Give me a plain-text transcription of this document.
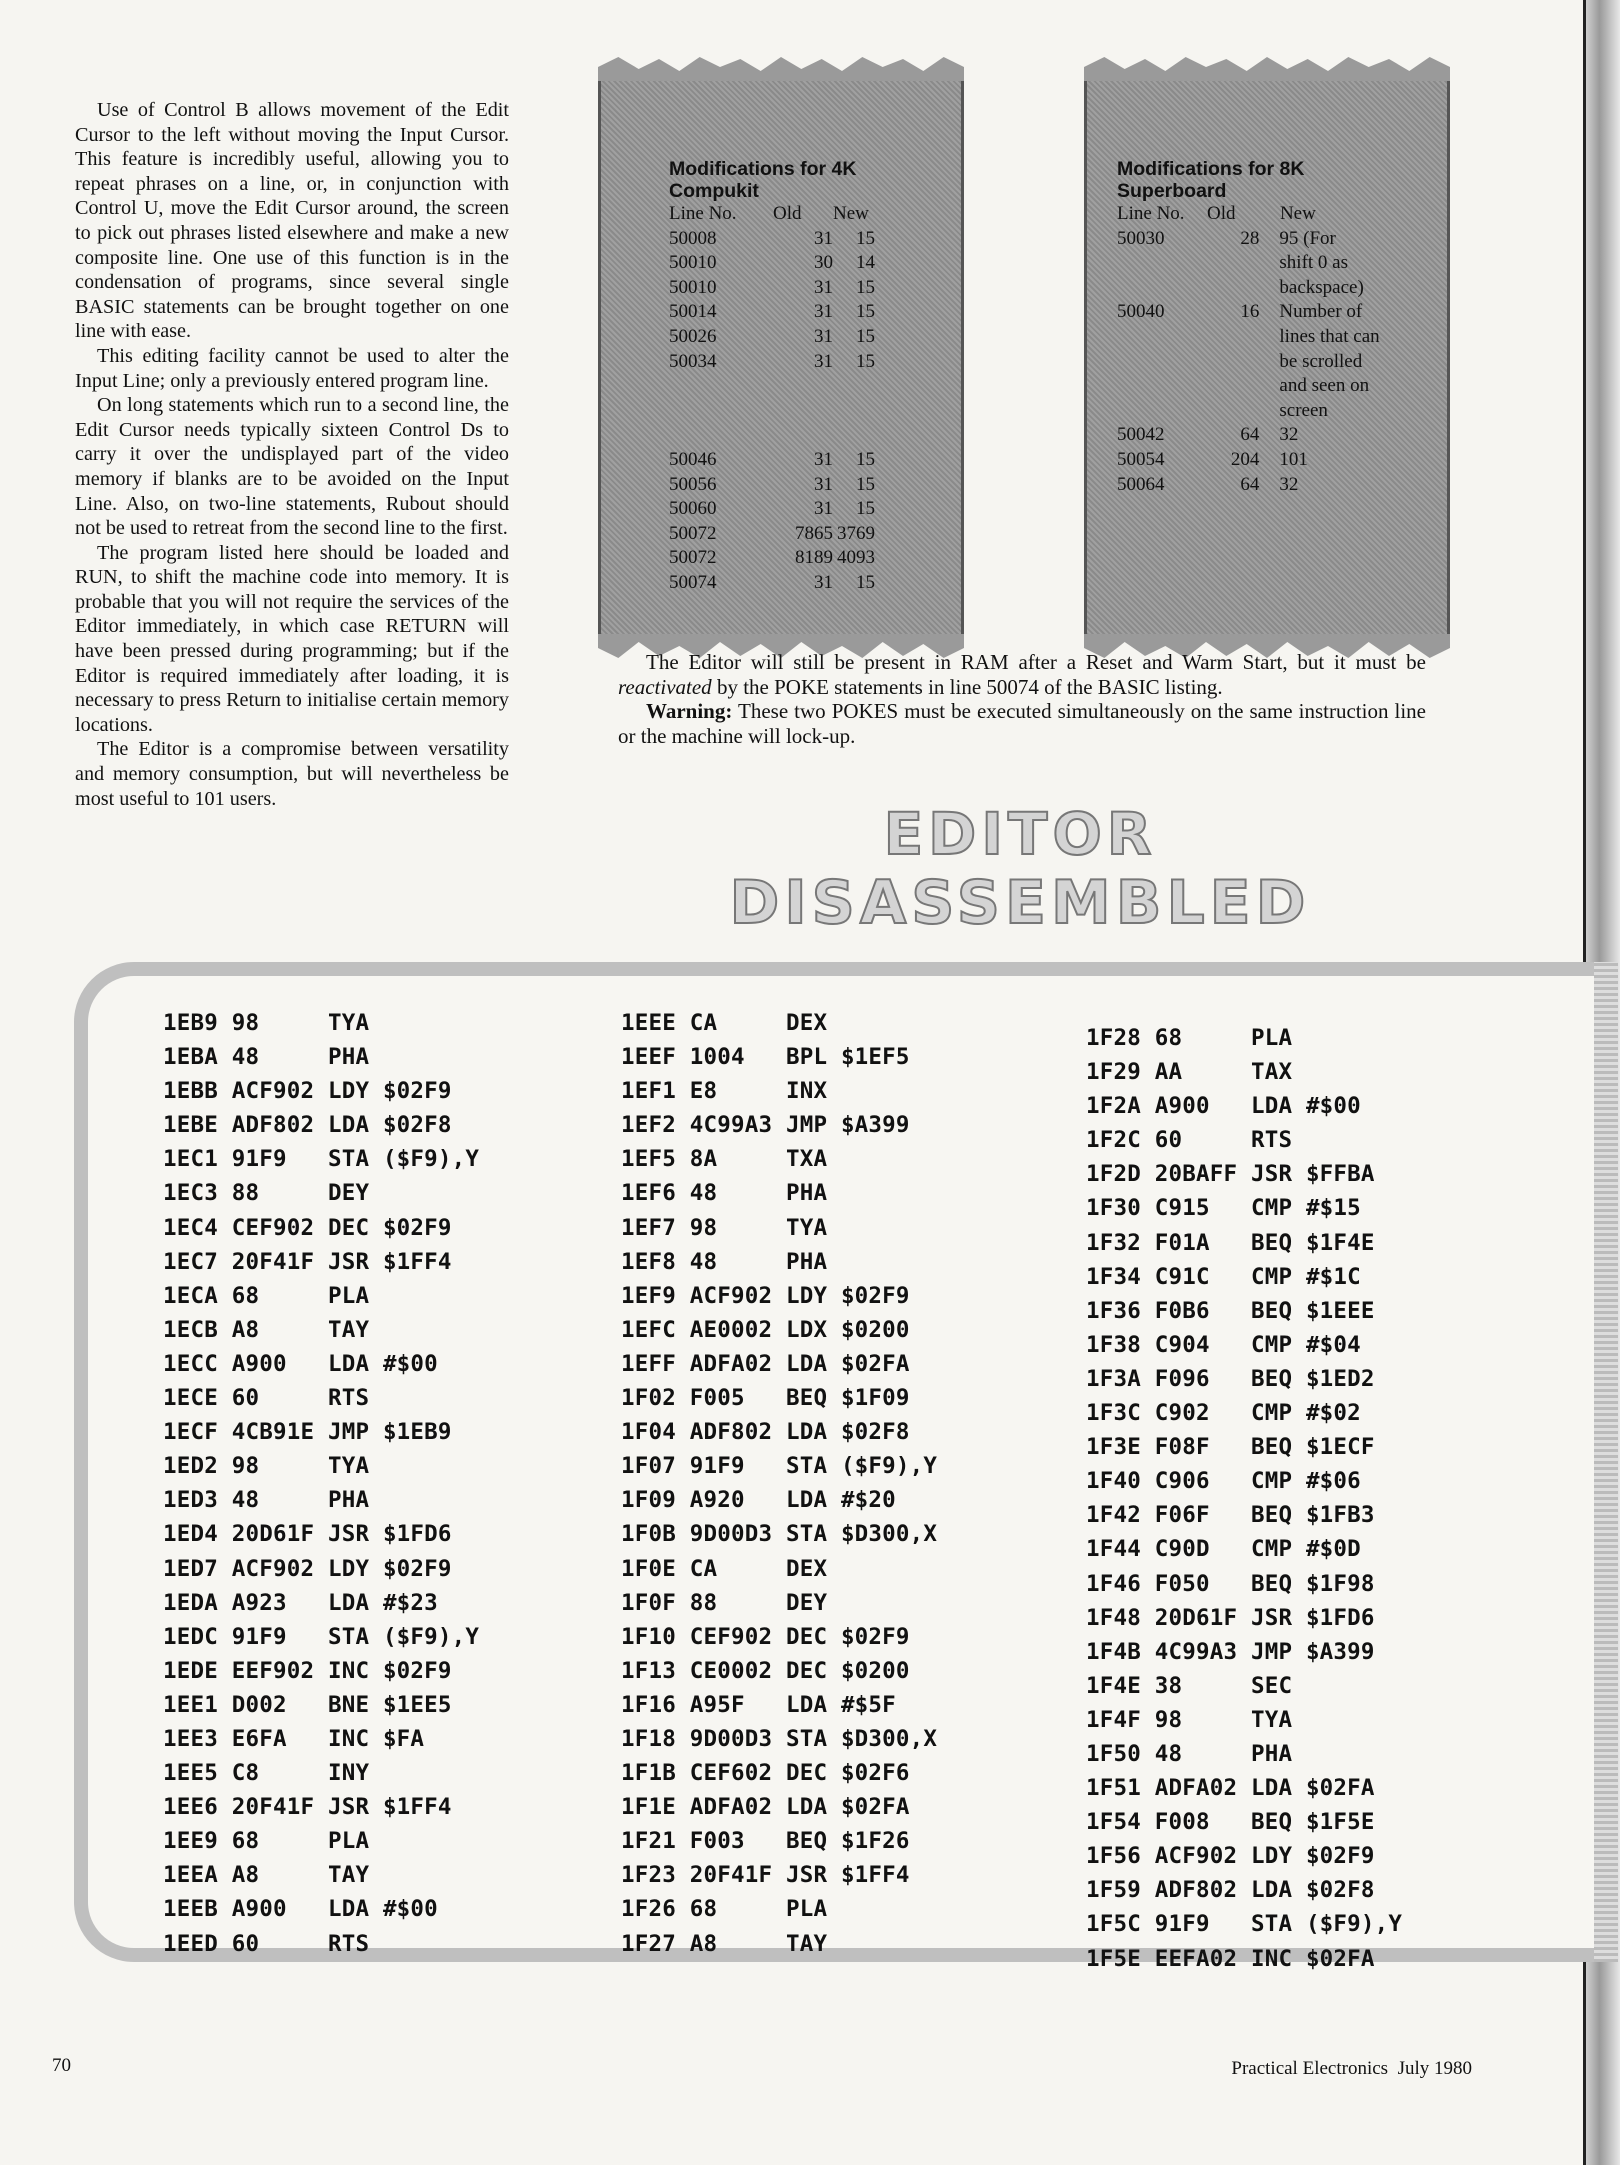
Use of Control B allows movement of the Edit Cursor to the left without moving the Input Cursor. This feature is incredibly useful, allowing you to repeat phrases on a line, or, in conjunction with Control U, move the Edit Cursor around, the screen to pick out phrases listed elsewhere and make a new composite line. One use of this function is in the condensation of programs, since several single BASIC statements can be brought together on one line with ease.

This editing facility cannot be used to alter the Input Line; only a previously entered program line.

On long statements which run to a second line, the Edit Cursor needs typically sixteen Control Ds to carry it over the undisplayed part of the video memory if blanks are to be avoided on the Input Line. Also, on two-line statements, Rubout should not be used to retreat from the second line to the first.

The program listed here should be loaded and RUN, to shift the machine code into memory. It is probable that you will not require the services of the Editor immediately, in which case RETURN will have been pressed during programming; but if the Editor is required immediately after loading, it is necessary to press Return to initialise certain memory locations.

The Editor is a compromise between versatility and memory consumption, but will nevertheless be most useful to 101 users.

Modifications for 4K
Compukit
Line No.	Old	New
50008	31	15
50010	30	14
50010	31	15
50014	31	15
50026	31	15
50034	31	15
50046	31	15
50056	31	15
50060	31	15
50072	7865 3769
50072	8189 4093
50074	31	15
Modifications for 8K
Superboard
Line No.	Old	New
50030	28	95 (For
shift 0 as
backspace)
50040	16	Number of
lines that can
be scrolled
and seen on
screen
50042	64	32
50054	204	101
50064	64	32

The Editor will still be present in RAM after a Reset and Warm Start, but it must be reactivated by the POKE statements in line 50074 of the BASIC listing.

Warning: These two POKES must be executed simultaneously on the same instruction line or the machine will lock-up.

EDITOR
DISASSEMBLED
1EB9 98     TYA
1EBA 48     PHA
1EBB ACF902 LDY $02F9
1EBE ADF802 LDA $02F8
1EC1 91F9   STA ($F9),Y
1EC3 88     DEY
1EC4 CEF902 DEC $02F9
1EC7 20F41F JSR $1FF4
1ECA 68     PLA
1ECB A8     TAY
1ECC A900   LDA #$00
1ECE 60     RTS
1ECF 4CB91E JMP $1EB9
1ED2 98     TYA
1ED3 48     PHA
1ED4 20D61F JSR $1FD6
1ED7 ACF902 LDY $02F9
1EDA A923   LDA #$23
1EDC 91F9   STA ($F9),Y
1EDE EEF902 INC $02F9
1EE1 D002   BNE $1EE5
1EE3 E6FA   INC $FA
1EE5 C8     INY
1EE6 20F41F JSR $1FF4
1EE9 68     PLA
1EEA A8     TAY
1EEB A900   LDA #$00
1EED 60     RTS
1EEE CA     DEX
1EEF 1004   BPL $1EF5
1EF1 E8     INX
1EF2 4C99A3 JMP $A399
1EF5 8A     TXA
1EF6 48     PHA
1EF7 98     TYA
1EF8 48     PHA
1EF9 ACF902 LDY $02F9
1EFC AE0002 LDX $0200
1EFF ADFA02 LDA $02FA
1F02 F005   BEQ $1F09
1F04 ADF802 LDA $02F8
1F07 91F9   STA ($F9),Y
1F09 A920   LDA #$20
1F0B 9D00D3 STA $D300,X
1F0E CA     DEX
1F0F 88     DEY
1F10 CEF902 DEC $02F9
1F13 CE0002 DEC $0200
1F16 A95F   LDA #$5F
1F18 9D00D3 STA $D300,X
1F1B CEF602 DEC $02F6
1F1E ADFA02 LDA $02FA
1F21 F003   BEQ $1F26
1F23 20F41F JSR $1FF4
1F26 68     PLA
1F27 A8     TAY
1F28 68     PLA
1F29 AA     TAX
1F2A A900   LDA #$00
1F2C 60     RTS
1F2D 20BAFF JSR $FFBA
1F30 C915   CMP #$15
1F32 F01A   BEQ $1F4E
1F34 C91C   CMP #$1C
1F36 F0B6   BEQ $1EEE
1F38 C904   CMP #$04
1F3A F096   BEQ $1ED2
1F3C C902   CMP #$02
1F3E F08F   BEQ $1ECF
1F40 C906   CMP #$06
1F42 F06F   BEQ $1FB3
1F44 C90D   CMP #$0D
1F46 F050   BEQ $1F98
1F48 20D61F JSR $1FD6
1F4B 4C99A3 JMP $A399
1F4E 38     SEC
1F4F 98     TYA
1F50 48     PHA
1F51 ADFA02 LDA $02FA
1F54 F008   BEQ $1F5E
1F56 ACF902 LDY $02F9
1F59 ADF802 LDA $02F8
1F5C 91F9   STA ($F9),Y
1F5E EEFA02 INC $02FA
70	Practical Electronics July 1980
